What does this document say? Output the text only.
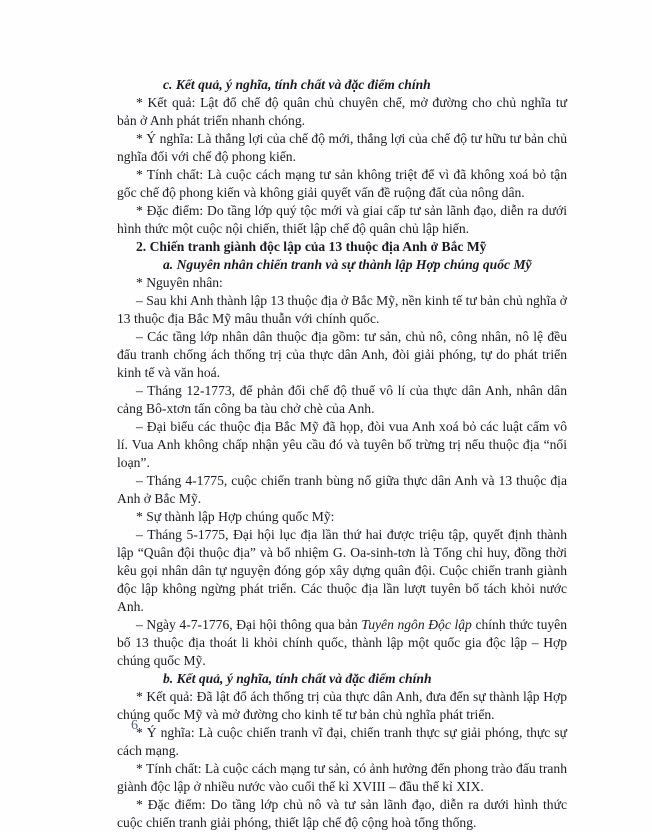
c. Kết quả, ý nghĩa, tính chất và đặc điểm chính

* Kết quả: Lật đổ chế độ quân chủ chuyên chế, mở đường cho chủ nghĩa tư bản ở Anh phát triển nhanh chóng.

* Ý nghĩa: Là thắng lợi của chế độ mới, thắng lợi của chế độ tư hữu tư bản chủ nghĩa đối với chế độ phong kiến.

* Tính chất: Là cuộc cách mạng tư sản không triệt để vì đã không xoá bỏ tận gốc chế độ phong kiến và không giải quyết vấn đề ruộng đất của nông dân.

* Đặc điểm: Do tầng lớp quý tộc mới và giai cấp tư sản lãnh đạo, diễn ra dưới hình thức một cuộc nội chiến, thiết lập chế độ quân chủ lập hiến.

2. Chiến tranh giành độc lập của 13 thuộc địa Anh ở Bắc Mỹ

a. Nguyên nhân chiến tranh và sự thành lập Hợp chúng quốc Mỹ

* Nguyên nhân:

– Sau khi Anh thành lập 13 thuộc địa ở Bắc Mỹ, nền kinh tế tư bản chủ nghĩa ở 13 thuộc địa Bắc Mỹ mâu thuẫn với chính quốc.

– Các tầng lớp nhân dân thuộc địa gồm: tư sản, chủ nô, công nhân, nô lệ đều đấu tranh chống ách thống trị của thực dân Anh, đòi giải phóng, tự do phát triển kinh tế và văn hoá.

– Tháng 12-1773, để phản đối chế độ thuế vô lí của thực dân Anh, nhân dân cảng Bô-xtơn tấn công ba tàu chở chè của Anh.

– Đại biểu các thuộc địa Bắc Mỹ đã họp, đòi vua Anh xoá bỏ các luật cấm vô lí. Vua Anh không chấp nhận yêu cầu đó và tuyên bố trừng trị nếu thuộc địa “nổi loạn”.

– Tháng 4-1775, cuộc chiến tranh bùng nổ giữa thực dân Anh và 13 thuộc địa Anh ở Bắc Mỹ.

* Sự thành lập Hợp chúng quốc Mỹ:

– Tháng 5-1775, Đại hội lục địa lần thứ hai được triệu tập, quyết định thành lập “Quân đội thuộc địa” và bổ nhiệm G. Oa-sinh-tơn là Tổng chỉ huy, đồng thời kêu gọi nhân dân tự nguyện đóng góp xây dựng quân đội. Cuộc chiến tranh giành độc lập không ngừng phát triển. Các thuộc địa lần lượt tuyên bố tách khỏi nước Anh.

– Ngày 4-7-1776, Đại hội thông qua bản Tuyên ngôn Độc lập chính thức tuyên bố 13 thuộc địa thoát li khỏi chính quốc, thành lập một quốc gia độc lập – Hợp chúng quốc Mỹ.

b. Kết quả, ý nghĩa, tính chất và đặc điểm chính

* Kết quả: Đã lật đổ ách thống trị của thực dân Anh, đưa đến sự thành lập Hợp chúng quốc Mỹ và mở đường cho kinh tế tư bản chủ nghĩa phát triển.

* Ý nghĩa: Là cuộc chiến tranh vĩ đại, chiến tranh thực sự giải phóng, thực sự cách mạng.

* Tính chất: Là cuộc cách mạng tư sản, có ảnh hưởng đến phong trào đấu tranh giành độc lập ở nhiều nước vào cuối thế kỉ XVIII – đầu thế kỉ XIX.

* Đặc điểm: Do tầng lớp chủ nô và tư sản lãnh đạo, diễn ra dưới hình thức cuộc chiến tranh giải phóng, thiết lập chế độ cộng hoà tổng thống.

6
